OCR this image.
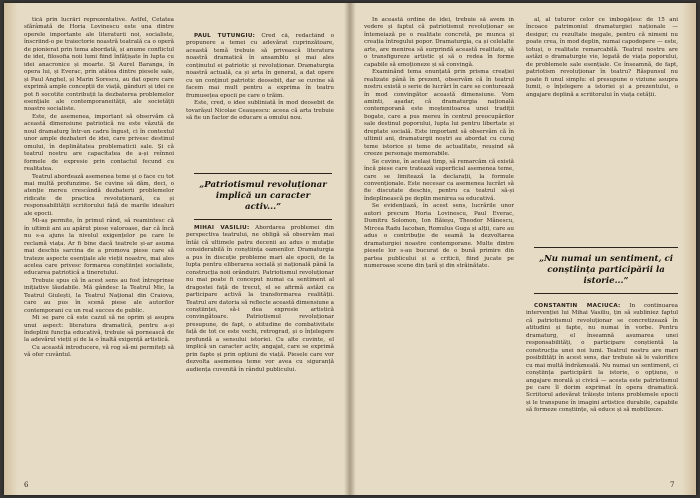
tică prin lucrări reprezentative. Astfel, Cetatea sfărâmată de Horia Lovinescu este una dintre operele importante ale literaturii noi, socialiste, înscriind-o pe traiectorie noastră teatrală ca o operă de pionierat prin tema abordată, și anume conflictul de idei, filosofia noii lumi fiind înfățișate în lupta cu idei anacronice și moarte. Și Aurel Baranga, în opera lui, și Everac, prin atâtea dintre piesele sale, și Paul Anghel, și Marin Sorescu, au dat opere care exprimă ample concepții de viață, gânduri și idei ce pot fi socotite contribuții la dezbaterea problemelor esențiale ale contemporaneității, ale societății noastre socialiste.

Este, de asemenea, important să observăm că această dimensiune patriotică nu este văzută de noul dramaturg într-un cadru îngust, ci în contextul unor ample dezbateri de idei, care privesc destinul omului, în deplinătatea problematicii sale. Și că teatrul nostru are capacitatea de a-și reînnoi formele de expresie prin contactul fecund cu realitatea.

Teatrul abordează asemenea teme și o face cu tot mai multă profunzime. Se cuvine să dăm, deci, o atenție mereu crescândă dezbaterii problemelor ridicate de practica revoluționară, ca și responsabilității scriitorului față de marile idealuri ale epocii.

Mi-aș permite, în primul rând, să reamintesc că în ultimii ani au apărut piese valoroase, dar că încă nu s-a ajuns la nivelul exigențelor pe care le reclamă viața. Ar fi bine dacă teatrele și-ar asuma mai deschis sarcina de a promova piese care să trateze aspecte esențiale ale vieții noastre, mai ales acelea care privesc formarea conștiinței socialiste, educarea patriotică a tineretului.

Trebuie spus că în acest sens au fost întreprinse inițiative lăudabile. Mă gândesc la Teatrul Mic, la Teatrul Giulești, la Teatrul Național din Craiova, care au pus în scenă piese ale autorilor contemporani cu un real succes de public.

Mi se pare că este cazul să ne oprim și asupra unui aspect: literatura dramatică, pentru a-și îndeplini funcția educativă, trebuie să pornească de la adevărul vieții și de la o înaltă exigență artistică.

Cu această introducere, vă rog să-mi permiteți să vă ofer cuvântul.

PAUL TUTUNGIU: Cred că, redactând o propunere a temei cu adevărat cuprinzătoare, această temă trebuie să privească literatura noastră dramatică în ansamblu și mai ales conținutul ei patriotic și revoluționar. Dramaturgia noastră actuală, ca și arta în general, a dat opere cu un conținut patriotic deosebit, dar se cuvine să facem mai mult pentru a exprima în teatru frumusețea epocii pe care o trăim.

Este, cred, o idee subliniată în mod deosebit de tovarășul Nicolae Ceaușescu: aceea că arta trebuie să fie un factor de educare a omului nou.

„Patriotismul revoluționar implică un caracter activ...”

MIHAI VASILIU: Abordarea problemei din perspectiva teatrului, ne obligă să observăm mai întâi că ultimele patru decenii au adus o mutație considerabilă în conștiința oamenilor. Dramaturgia a pus în discuție probleme mari ale epocii, de la lupta pentru eliberarea socială și națională până la construcția noii orânduiri. Patriotismul revoluționar nu mai poate fi conceput numai ca sentiment al dragostei față de trecut, el se afirmă astăzi ca participare activă la transformarea realității. Teatrul are datoria să reflecte această dimensiune a conștiinței, să-i dea expresie artistică convingătoare. Patriotismul revoluționar presupune, de fapt, o atitudine de combativitate față de tot ce este vechi, retrograd, și o înțelegere profundă a sensului istoriei. Cu alte cuvinte, el implică un caracter activ, angajat, care se exprimă prin fapte și prin opțiuni de viață. Piesele care vor dezvolta asemenea teme vor avea cu siguranță audiența cuvenită în rândul publicului.

6

În această ordine de idei, trebuie să avem în vedere și faptul că patriotismul revoluționar se întemeiază pe o realitate concretă, pe munca și creația întregului popor. Dramaturgia, ca și celelalte arte, are menirea să surprindă această realitate, să o transfigureze artistic și să o redea în forme capabile să emoționeze și să convingă.

Examinând tema enunțată prin prisma creației realizate până în prezent, observăm că în teatrul nostru există o serie de lucrări în care se conturează în mod convingător această dimensiune. Vom aminti, așadar, că dramaturgia națională contemporană este moștenitoarea unei tradiții bogate, care a pus mereu în centrul preocupărilor sale destinul poporului, lupta lui pentru libertate și dreptate socială. Este important să observăm că în ultimii ani, dramaturgii noștri au abordat cu curaj teme istorice și teme de actualitate, reușind să creeze personaje memorabile.

Se cuvine, în același timp, să remarcăm că există încă piese care tratează superficial asemenea teme, care se limitează la declarații, la formule convenționale. Este necesar ca asemenea lucrări să fie discutate deschis, pentru ca teatrul să-și îndeplinească pe deplin menirea sa educativă.

Se evidențiază, în acest sens, lucrările unor autori precum Horia Lovinescu, Paul Everac, Dumitru Solomon, Ion Băieșu, Theodor Mănescu, Mircea Radu Iacoban, Romulus Guga și alții, care au adus o contribuție de seamă la dezvoltarea dramaturgiei noastre contemporane. Multe dintre piesele lor s-au bucurat de o bună primire din partea publicului și a criticii, fiind jucate pe numeroase scene din țară și din străinătate.

al, al tuturor celor ce îmbogățesc de 15 ani încoace patrimoniul dramaturgiei naționale — desigur, cu rezultate inegale, pentru că nimeni nu poate crea, în mod deplin, numai capodopere — este, totuși, o realitate remarcabilă. Teatrul nostru are astăzi o dramaturgie vie, legată de viața poporului, de problemele sale esențiale. Ce înseamnă, de fapt, patriotism revoluționar în teatru? Răspunsul nu poate fi unul simplu: el presupune o viziune asupra lumii, o înțelegere a istoriei și a prezentului, o angajare deplină a scriitorului în viața cetății.

„Nu numai un sentiment, ci conștiința participării la istorie...”

CONSTANTIN MĂCIUCĂ: În continuarea intervenției lui Mihai Vasiliu, țin să subliniez faptul că patriotismul revoluționar se concretizează în atitudini și fapte, nu numai în vorbe. Pentru dramaturg, el înseamnă asumarea unei responsabilități, o participare conștientă la construcția unei noi lumi. Teatrul nostru are mari posibilități în acest sens, dar trebuie să le valorifice cu mai multă îndrăzneală. Nu numai un sentiment, ci conștiința participării la istorie, o opțiune, o angajare morală și civică — acesta este patriotismul pe care îl dorim exprimat în opera dramatică. Scriitorul adevărat trăiește intens problemele epocii și le transpune în imagini artistice durabile, capabile să formeze conștiințe, să educe și să mobilizeze.

7
